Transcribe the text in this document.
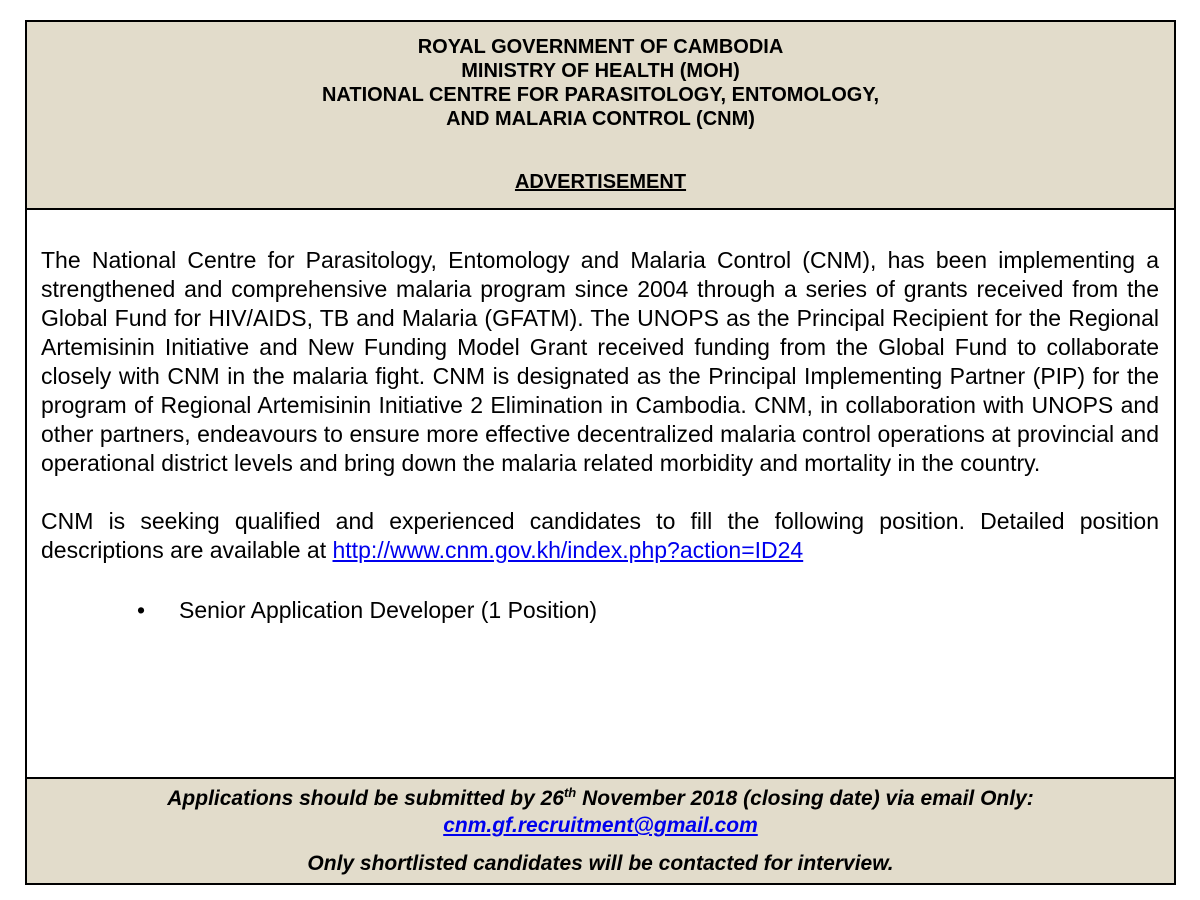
ROYAL GOVERNMENT OF CAMBODIA
MINISTRY OF HEALTH (MOH)
NATIONAL CENTRE FOR PARASITOLOGY, ENTOMOLOGY,
AND MALARIA CONTROL (CNM)
ADVERTISEMENT

The National Centre for Parasitology, Entomology and Malaria Control (CNM), has been implementing a strengthened and comprehensive malaria program since 2004 through a series of grants received from the Global Fund for HIV/AIDS, TB and Malaria (GFATM). The UNOPS as the Principal Recipient for the Regional Artemisinin Initiative and New Funding Model Grant received funding from the Global Fund to collaborate closely with CNM in the malaria fight. CNM is designated as the Principal Implementing Partner (PIP) for the program of Regional Artemisinin Initiative 2 Elimination in Cambodia. CNM, in collaboration with UNOPS and other partners, endeavours to ensure more effective decentralized malaria control operations at provincial and operational district levels and bring down the malaria related morbidity and mortality in the country.

CNM is seeking qualified and experienced candidates to fill the following position. Detailed position descriptions are available at http://www.cnm.gov.kh/index.php?action=ID24

•	Senior Application Developer (1 Position)
Applications should be submitted by 26th November 2018 (closing date) via email Only:
cnm.gf.recruitment@gmail.com
Only shortlisted candidates will be contacted for interview.
